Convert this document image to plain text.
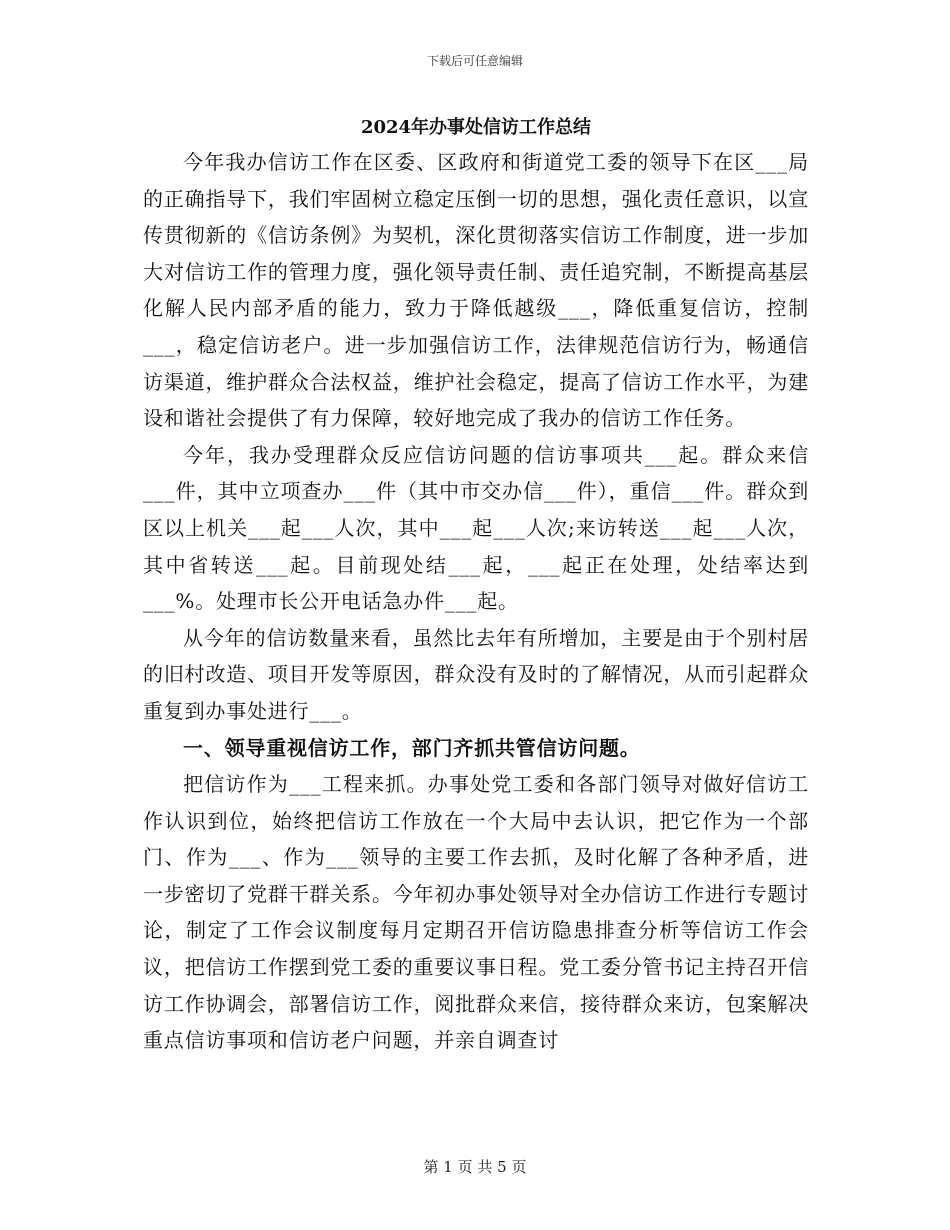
下载后可任意编辑
2024年办事处信访工作总结

今年我办信访工作在区委、区政府和街道党工委的领导下在区___局的正确指导下，我们牢固树立稳定压倒一切的思想，强化责任意识，以宣传贯彻新的《信访条例》为契机，深化贯彻落实信访工作制度，进一步加大对信访工作的管理力度，强化领导责任制、责任追究制，不断提高基层化解人民内部矛盾的能力，致力于降低越级___，降低重复信访，控制___，稳定信访老户。进一步加强信访工作，法律规范信访行为，畅通信访渠道，维护群众合法权益，维护社会稳定，提高了信访工作水平，为建设和谐社会提供了有力保障，较好地完成了我办的信访工作任务。

今年，我办受理群众反应信访问题的信访事项共___起。群众来信___件，其中立项查办___件（其中市交办信___件），重信___件。群众到区以上机关___起___人次，其中___起___人次;来访转送___起___人次，其中省转送___起。目前现处结___起，___起正在处理，处结率达到___%。处理市长公开电话急办件___起。

从今年的信访数量来看，虽然比去年有所增加，主要是由于个别村居的旧村改造、项目开发等原因，群众没有及时的了解情况，从而引起群众重复到办事处进行___。

一、领导重视信访工作，部门齐抓共管信访问题。

把信访作为___工程来抓。办事处党工委和各部门领导对做好信访工作认识到位，始终把信访工作放在一个大局中去认识，把它作为一个部门、作为___、作为___领导的主要工作去抓，及时化解了各种矛盾，进一步密切了党群干群关系。今年初办事处领导对全办信访工作进行专题讨论，制定了工作会议制度每月定期召开信访隐患排查分析等信访工作会议，把信访工作摆到党工委的重要议事日程。党工委分管书记主持召开信访工作协调会，部署信访工作，阅批群众来信，接待群众来访，包案解决重点信访事项和信访老户问题，并亲自调查讨

第 1 页 共 5 页
